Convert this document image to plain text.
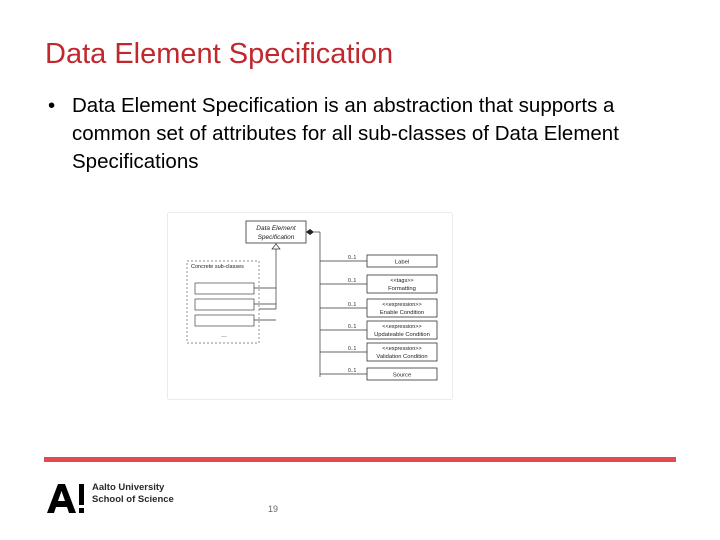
Data Element Specification
• Data Element Specification is an abstraction that supports a common set of attributes for all sub-classes of Data Element Specifications
Data Element
Specification
Concrete sub-classes
...
0..1
Label
0..1	<<tags>>
Formatting
0..1	<<expression>>
Enable Condition
0..1	<<expression>>
Updateable Condition
0..1	<<expression>>
Validation Condition
0..1
Source
Aalto University
School of Science
19
